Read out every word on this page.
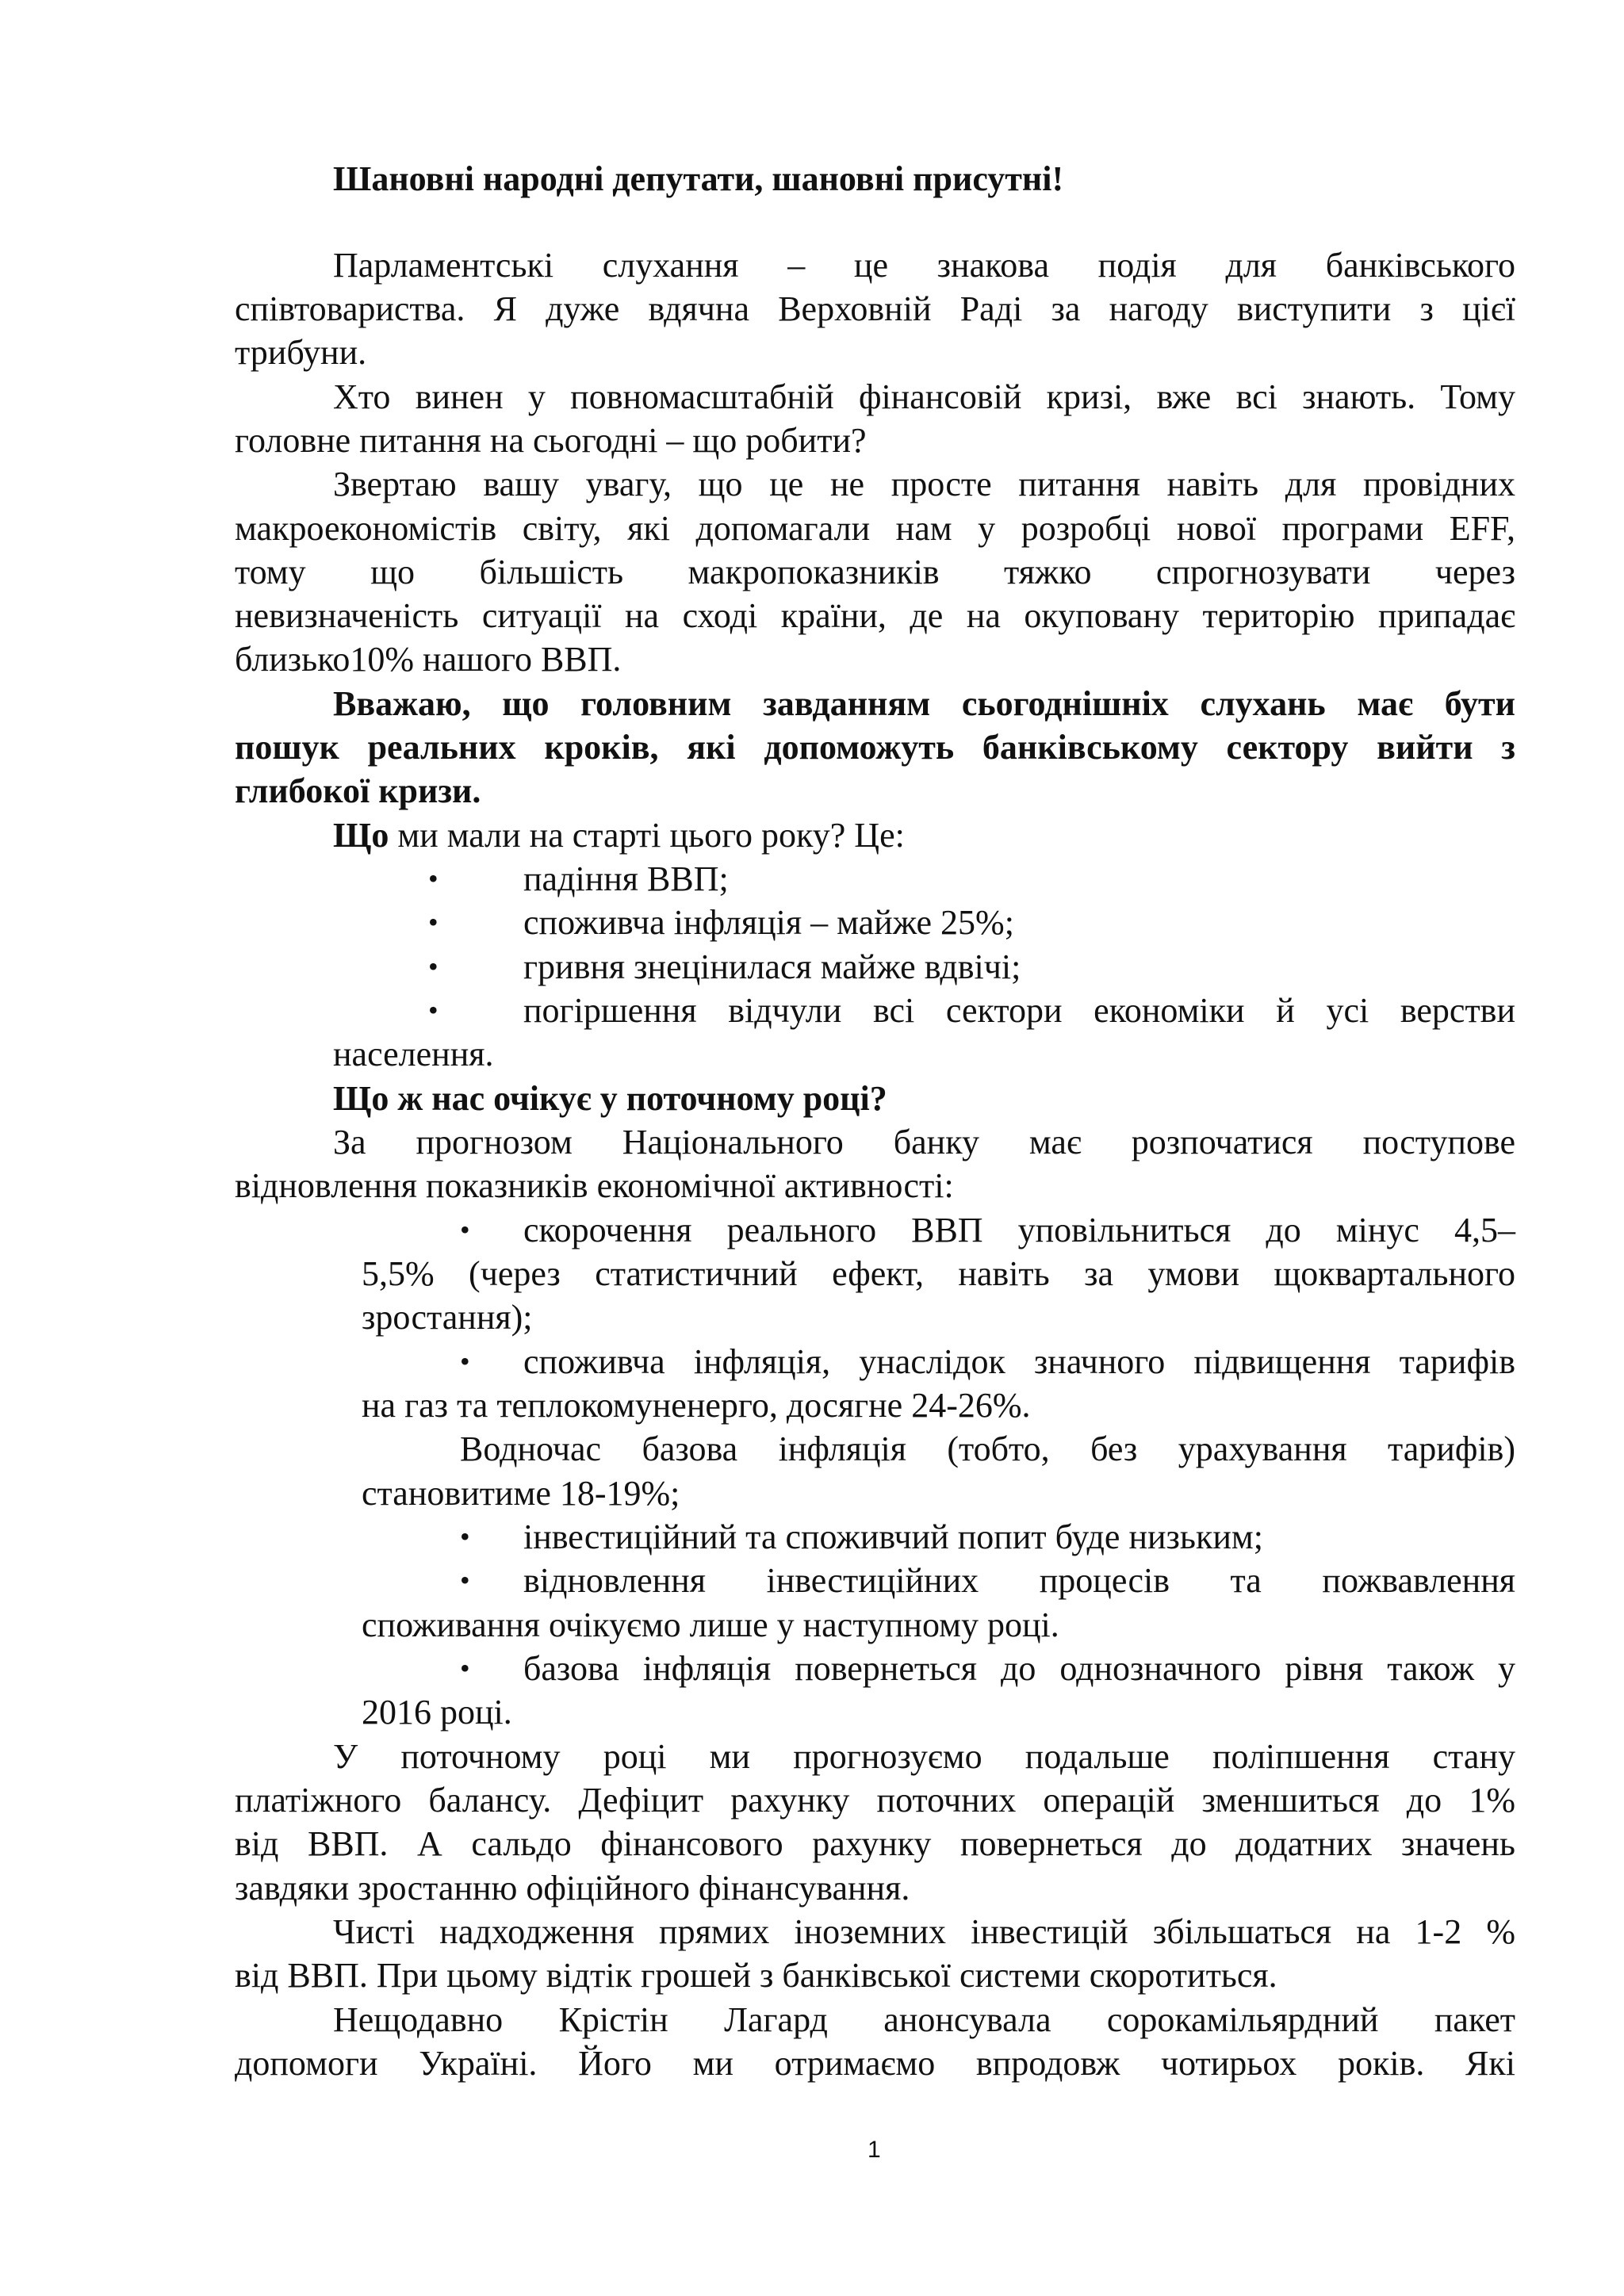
Шановні народні депутати, шановні присутні!
Парламентські слухання – це знакова подія для банківського
співтовариства. Я дуже вдячна Верховній Раді за нагоду виступити з цієї
трибуни.
Хто винен у повномасштабній фінансовій кризі, вже всі знають. Тому
головне питання на сьогодні – що робити?
Звертаю вашу увагу, що це не просте питання навіть для провідних
макроекономістів світу, які допомагали нам у розробці нової програми EFF,
тому що більшість макропоказників тяжко спрогнозувати через
невизначеність ситуації на сході країни, де на окуповану територію припадає
близько10% нашого ВВП.
Вважаю, що головним завданням сьогоднішніх слухань має бути
пошук реальних кроків, які допоможуть банківському сектору вийти з
глибокої кризи.
Що ми мали на старті цього року? Це:
• падіння ВВП;
• споживча інфляція – майже 25%;
• гривня знецінилася майже вдвічі;
• погіршення відчули всі сектори економіки й усі верстви
населення.
Що ж нас очікує у поточному році?
За прогнозом Національного банку має розпочатися поступове
відновлення показників економічної активності:
• скорочення реального ВВП уповільниться до мінус 4,5–
5,5% (через статистичний ефект, навіть за умови щоквартального
зростання);
• споживча інфляція, унаслідок значного підвищення тарифів
на газ та теплокомуненерго, досягне 24-26%.
Водночас базова інфляція (тобто, без урахування тарифів)
становитиме 18-19%;
• інвестиційний та споживчий попит буде низьким;
• відновлення інвестиційних процесів та пожвавлення
споживання очікуємо лише у наступному році.
• базова інфляція повернеться до однозначного рівня також у
2016 році.
У поточному році ми прогнозуємо подальше поліпшення стану
платіжного балансу. Дефіцит рахунку поточних операцій зменшиться до 1%
від ВВП. А сальдо фінансового рахунку повернеться до додатних значень
завдяки зростанню офіційного фінансування.
Чисті надходження прямих іноземних інвестицій збільшаться на 1-2 %
від ВВП. При цьому відтік грошей з банківської системи скоротиться.
Нещодавно Крістін Лагард анонсувала сорокамільярдний пакет
допомоги Україні. Його ми отримаємо впродовж чотирьох років. Які
1
